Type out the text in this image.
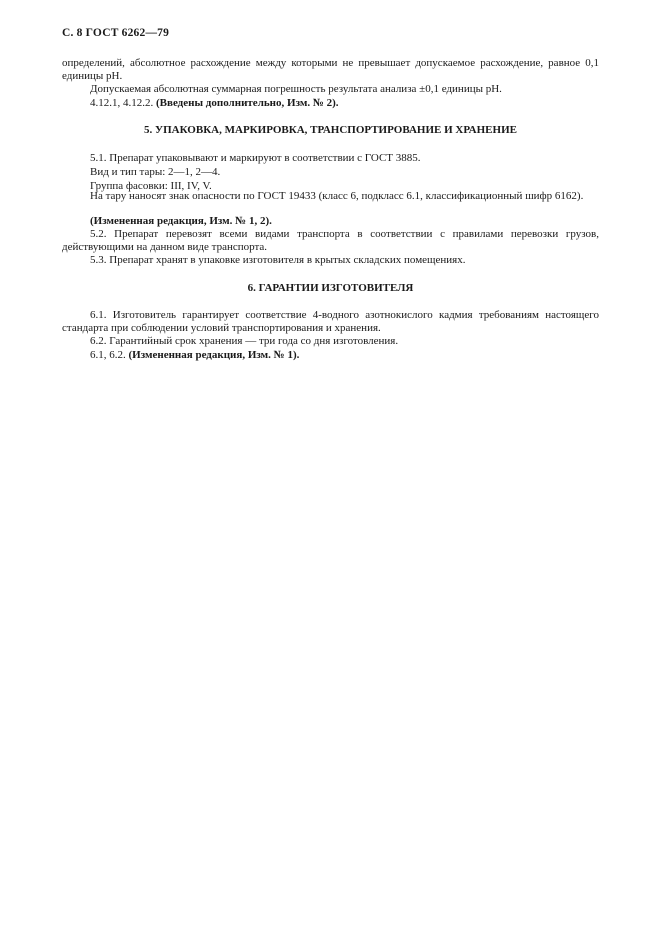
С. 8 ГОСТ 6262—79
определений, абсолютное расхождение между которыми не превышает допускаемое расхождение, равное 0,1 единицы рН.
Допускаемая абсолютная суммарная погрешность результата анализа ±0,1 единицы рН.
4.12.1, 4.12.2. (Введены дополнительно, Изм. № 2).
5. УПАКОВКА, МАРКИРОВКА, ТРАНСПОРТИРОВАНИЕ И ХРАНЕНИЕ
5.1. Препарат упаковывают и маркируют в соответствии с ГОСТ 3885.
Вид и тип тары: 2—1, 2—4.
Группа фасовки: III, IV, V.
На тару наносят знак опасности по ГОСТ 19433 (класс 6, подкласс 6.1, классификационный шифр 6162).
(Измененная редакция, Изм. № 1, 2).
5.2. Препарат перевозят всеми видами транспорта в соответствии с правилами перевозки грузов, действующими на данном виде транспорта.
5.3. Препарат хранят в упаковке изготовителя в крытых складских помещениях.
6. ГАРАНТИИ ИЗГОТОВИТЕЛЯ
6.1. Изготовитель гарантирует соответствие 4-водного азотнокислого кадмия требованиям настоящего стандарта при соблюдении условий транспортирования и хранения.
6.2. Гарантийный срок хранения — три года со дня изготовления.
6.1, 6.2. (Измененная редакция, Изм. № 1).
